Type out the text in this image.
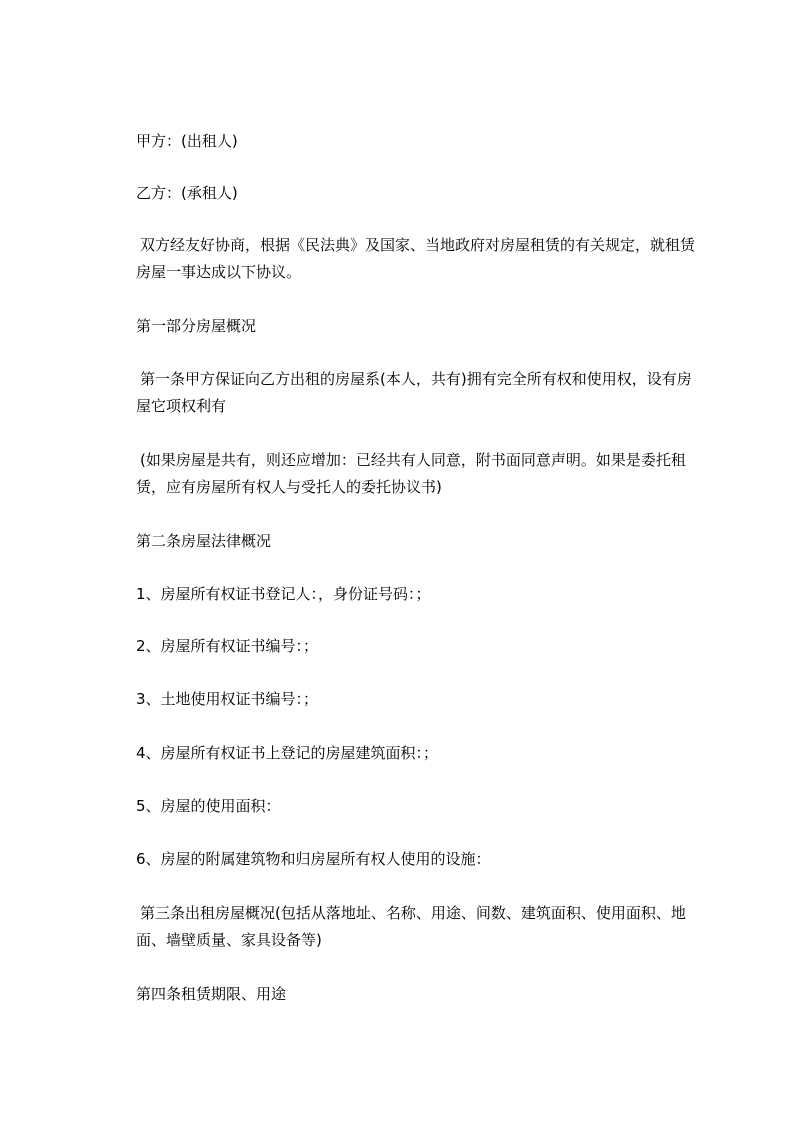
甲方：(出租人)

乙方：(承租人)

双方经友好协商，根据《民法典》及国家、当地政府对房屋租赁的有关规定，就租赁房屋一事达成以下协议。

第一部分房屋概况

第一条甲方保证向乙方出租的房屋系(本人，共有)拥有完全所有权和使用权，设有房屋它项权利有

(如果房屋是共有，则还应增加：已经共有人同意，附书面同意声明。如果是委托租赁，应有房屋所有权人与受托人的委托协议书)

第二条房屋法律概况

1、房屋所有权证书登记人：，身份证号码：；

2、房屋所有权证书编号：；

3、土地使用权证书编号：；

4、房屋所有权证书上登记的房屋建筑面积：；

5、房屋的使用面积：

6、房屋的附属建筑物和归房屋所有权人使用的设施：

第三条出租房屋概况(包括从落地址、名称、用途、间数、建筑面积、使用面积、地面、墙壁质量、家具设备等)

第四条租赁期限、用途
